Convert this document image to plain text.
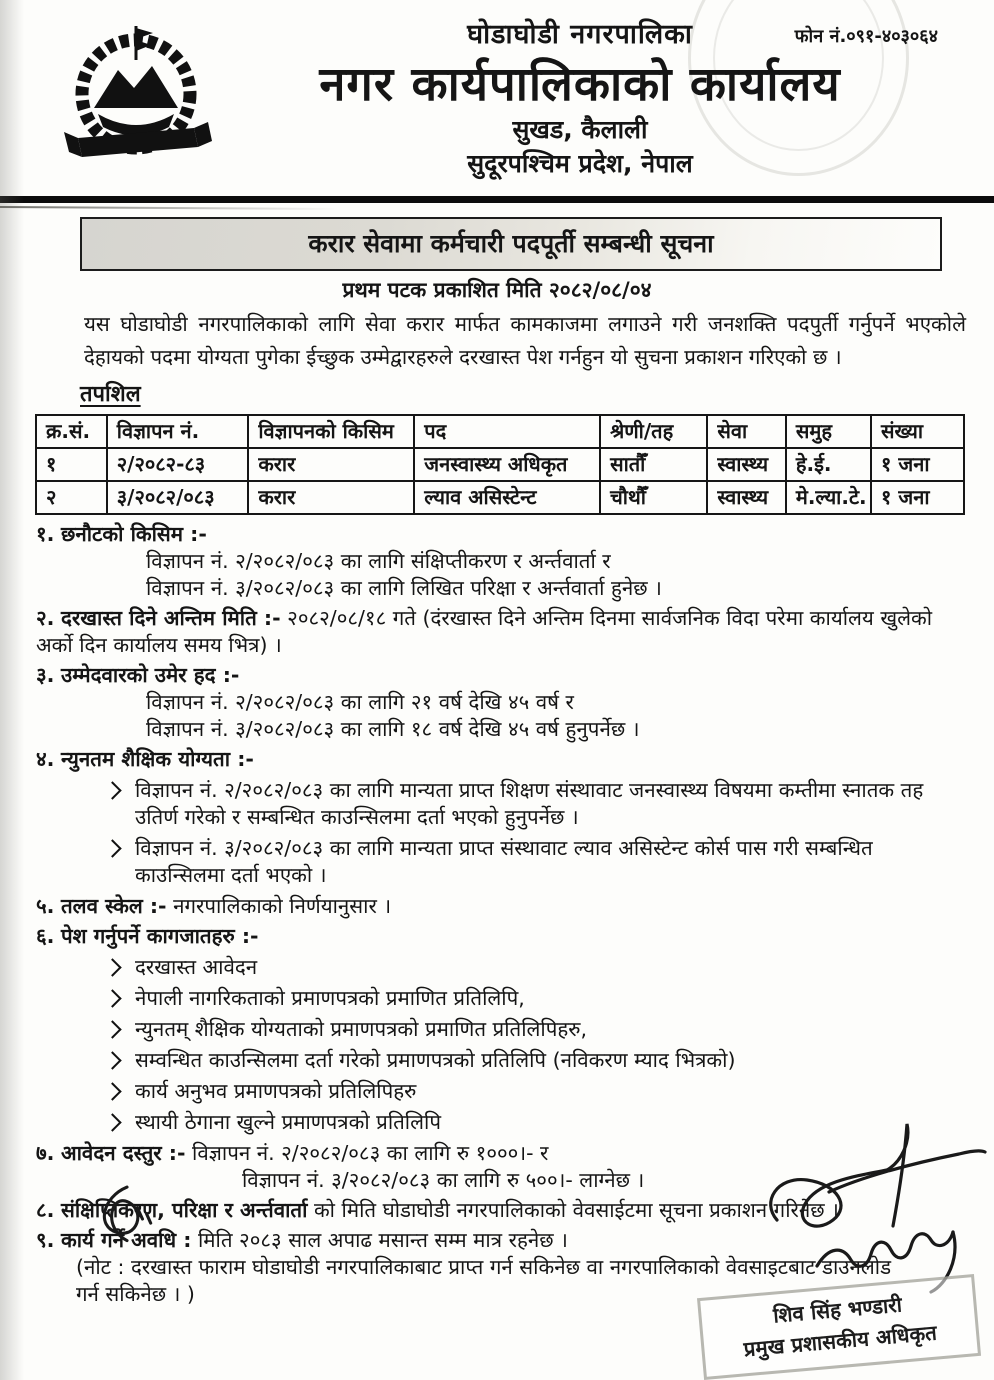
घोडाघोडी नगरपालिका	फोन नं.०९१-४०३०६४
नगर कार्यपालिकाको कार्यालय
सुखड, कैलाली
सुदूरपश्चिम प्रदेश, नेपाल
करार सेवामा कर्मचारी पदपूर्ती सम्बन्धी सूचना
प्रथम पटक प्रकाशित मिति २०८२/०८/०४
यस घोडाघोडी नगरपालिकाको लागि सेवा करार मार्फत कामकाजमा लगाउने गरी जनशक्ति पदपुर्ती गर्नुपर्ने भएकोले देहायको पदमा योग्यता पुगेका ईच्छुक उम्मेद्वारहरुले दरखास्त पेश गर्नहुन यो सुचना प्रकाशन गरिएको छ ।
तपशिल
क्र.सं.	विज्ञापन नं.	विज्ञापनको किसिम	पद	श्रेणी/तह	सेवा	समुह	संख्या
१	२/२०८२-८३	करार	जनस्वास्थ्य अधिकृत	सातौँ	स्वास्थ्य	हे.ई.	१ जना
२	३/२०८२/०८३	करार	ल्याव असिस्टेन्ट	चौथौँ	स्वास्थ्य	मे.ल्या.टे.	१ जना
१. छनौटको किसिम :-
विज्ञापन नं. २/२०८२/०८३ का लागि संक्षिप्तीकरण र अर्न्तवार्ता र
विज्ञापन नं. ३/२०८२/०८३ का लागि लिखित परिक्षा र अर्न्तवार्ता हुनेछ ।
२. दरखास्त दिने अन्तिम मिति :- २०८२/०८/१८ गते (दंरखास्त दिने अन्तिम दिनमा सार्वजनिक विदा परेमा कार्यालय खुलेको अर्को दिन कार्यालय समय भित्र) ।
३. उम्मेदवारको उमेर हद :-
विज्ञापन नं. २/२०८२/०८३ का लागि २१ वर्ष देखि ४५ वर्ष र
विज्ञापन नं. ३/२०८२/०८३ का लागि १८ वर्ष देखि ४५ वर्ष हुनुपर्नेछ ।
४. न्युनतम शैक्षिक योग्यता :-
विज्ञापन नं. २/२०८२/०८३ का लागि मान्यता प्राप्त शिक्षण संस्थावाट जनस्वास्थ्य विषयमा कम्तीमा स्नातक तह उतिर्ण गरेको र सम्बन्धित काउन्सिलमा दर्ता भएको हुनुपर्नेछ ।
विज्ञापन नं. ३/२०८२/०८३ का लागि मान्यता प्राप्त संस्थावाट ल्याव असिस्टेन्ट कोर्स पास गरी सम्बन्धित काउन्सिलमा दर्ता भएको ।
५. तलव स्केल :- नगरपालिकाको निर्णयानुसार ।
६. पेश गर्नुपर्ने कागजातहरु :-
दरखास्त आवेदन
नेपाली नागरिकताको प्रमाणपत्रको प्रमाणित प्रतिलिपि,
न्युनतम् शैक्षिक योग्यताको प्रमाणपत्रको प्रमाणित प्रतिलिपिहरु,
सम्वन्धित काउन्सिलमा दर्ता गरेको प्रमाणपत्रको प्रतिलिपि (नविकरण म्याद भित्रको)
कार्य अनुभव प्रमाणपत्रको प्रतिलिपिहरु
स्थायी ठेगाना खुल्ने प्रमाणपत्रको प्रतिलिपि
७. आवेदन दस्तुर :- विज्ञापन नं. २/२०८२/०८३ का लागि रु १०००।- र
विज्ञापन नं. ३/२०८२/०८३ का लागि रु ५००।- लाग्नेछ ।
८. संक्षिप्तिकरण, परिक्षा र अर्न्तवार्ता को मिति घोडाघोडी नगरपालिकाको वेवसाईटमा सूचना प्रकाशन गरिनेछ ।
९. कार्य गर्ने अवधि : मिति २०८३ साल अपाढ मसान्त सम्म मात्र रहनेछ ।
(नोट : दरखास्त फाराम घोडाघोडी नगरपालिकाबाट प्राप्त गर्न सकिनेछ वा नगरपालिकाको वेवसाइटबाट डाउनलोड
गर्न सकिनेछ । )	शिव सिंह भण्डारी
प्रमुख प्रशासकीय अधिकृत
